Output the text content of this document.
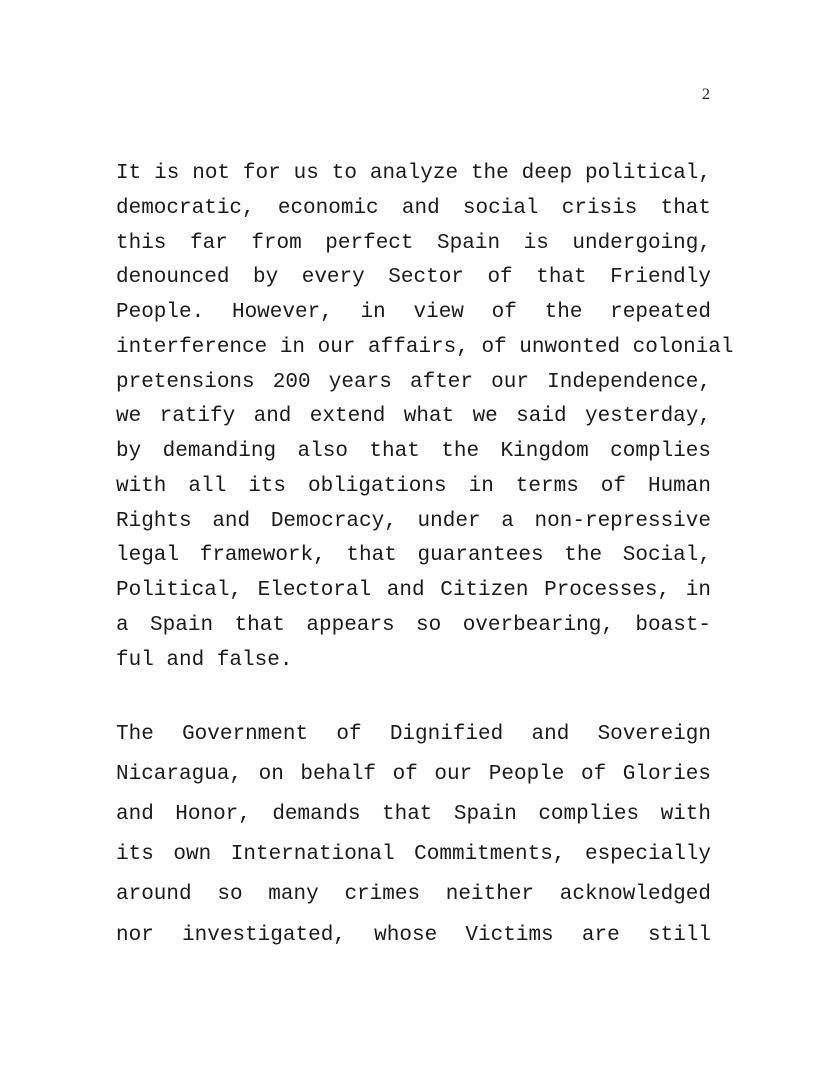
2

It is not for us to analyze the deep political,

democratic, economic and social crisis that

this far from perfect Spain is undergoing,

denounced by every Sector of that Friendly

People. However, in view of the repeated

interference in our affairs, of unwonted colonial

pretensions 200 years after our Independence,

we ratify and extend what we said yesterday,

by demanding also that the Kingdom complies

with all its obligations in terms of Human

Rights and Democracy, under a non-repressive

legal framework, that guarantees the Social,

Political, Electoral and Citizen Processes, in

a Spain that appears so overbearing, boast-

ful and false.

The Government of Dignified and Sovereign

Nicaragua, on behalf of our People of Glories

and Honor, demands that Spain complies with

its own International Commitments, especially

around so many crimes neither acknowledged

nor investigated, whose Victims are still
